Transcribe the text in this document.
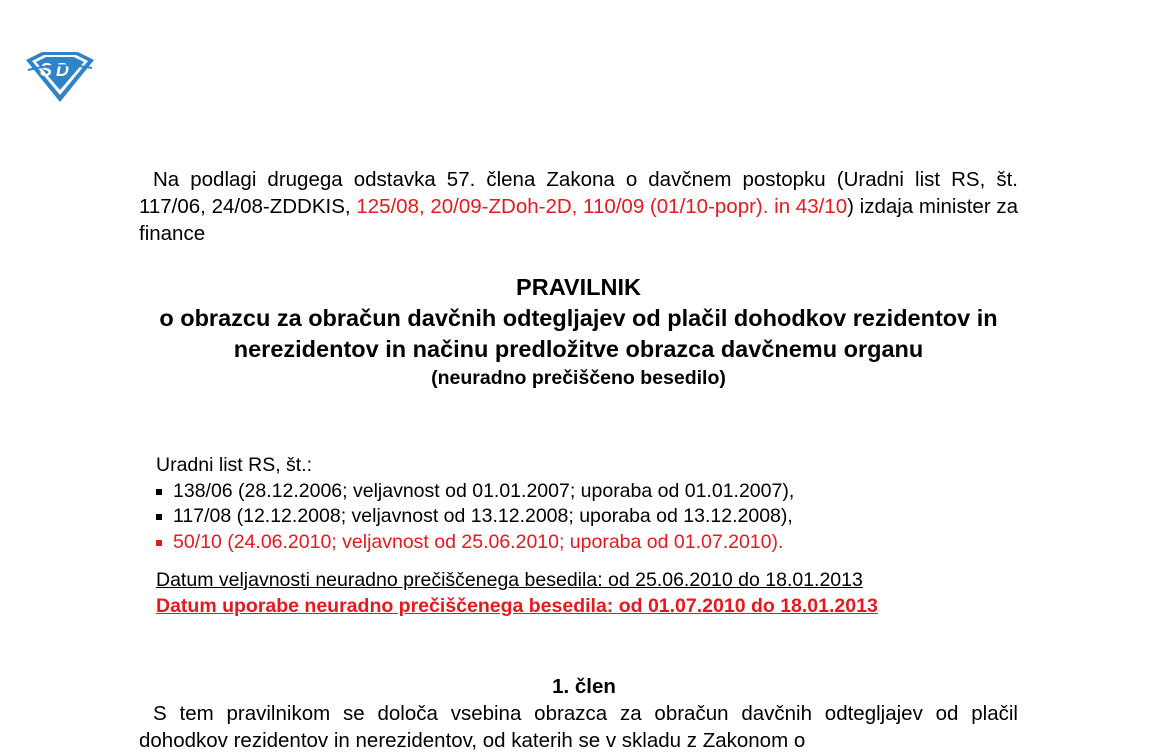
S D
Na podlagi drugega odstavka 57. člena Zakona o davčnem postopku (Uradni list RS, št. 117/06, 24/08-ZDDKIS, 125/08, 20/09-ZDoh-2D, 110/09 (01/10-popr). in 43/10) izdaja minister za finance

PRAVILNIK

o obrazcu za obračun davčnih odtegljajev od plačil dohodkov rezidentov in nerezidentov in načinu predložitve obrazca davčnemu organu

(neuradno prečiščeno besedilo)

Uradni list RS, št.:
138/06 (28.12.2006; veljavnost od 01.01.2007; uporaba od 01.01.2007),
117/08 (12.12.2008; veljavnost od 13.12.2008; uporaba od 13.12.2008),
50/10 (24.06.2010; veljavnost od 25.06.2010; uporaba od 01.07.2010).
Datum veljavnosti neuradno prečiščenega besedila: od 25.06.2010 do 18.01.2013
Datum uporabe neuradno prečiščenega besedila: od 01.07.2010 do 18.01.2013
1. člen
S tem pravilnikom se določa vsebina obrazca za obračun davčnih odtegljajev od plačil dohodkov rezidentov in nerezidentov, od katerih se v skladu z Zakonom o
